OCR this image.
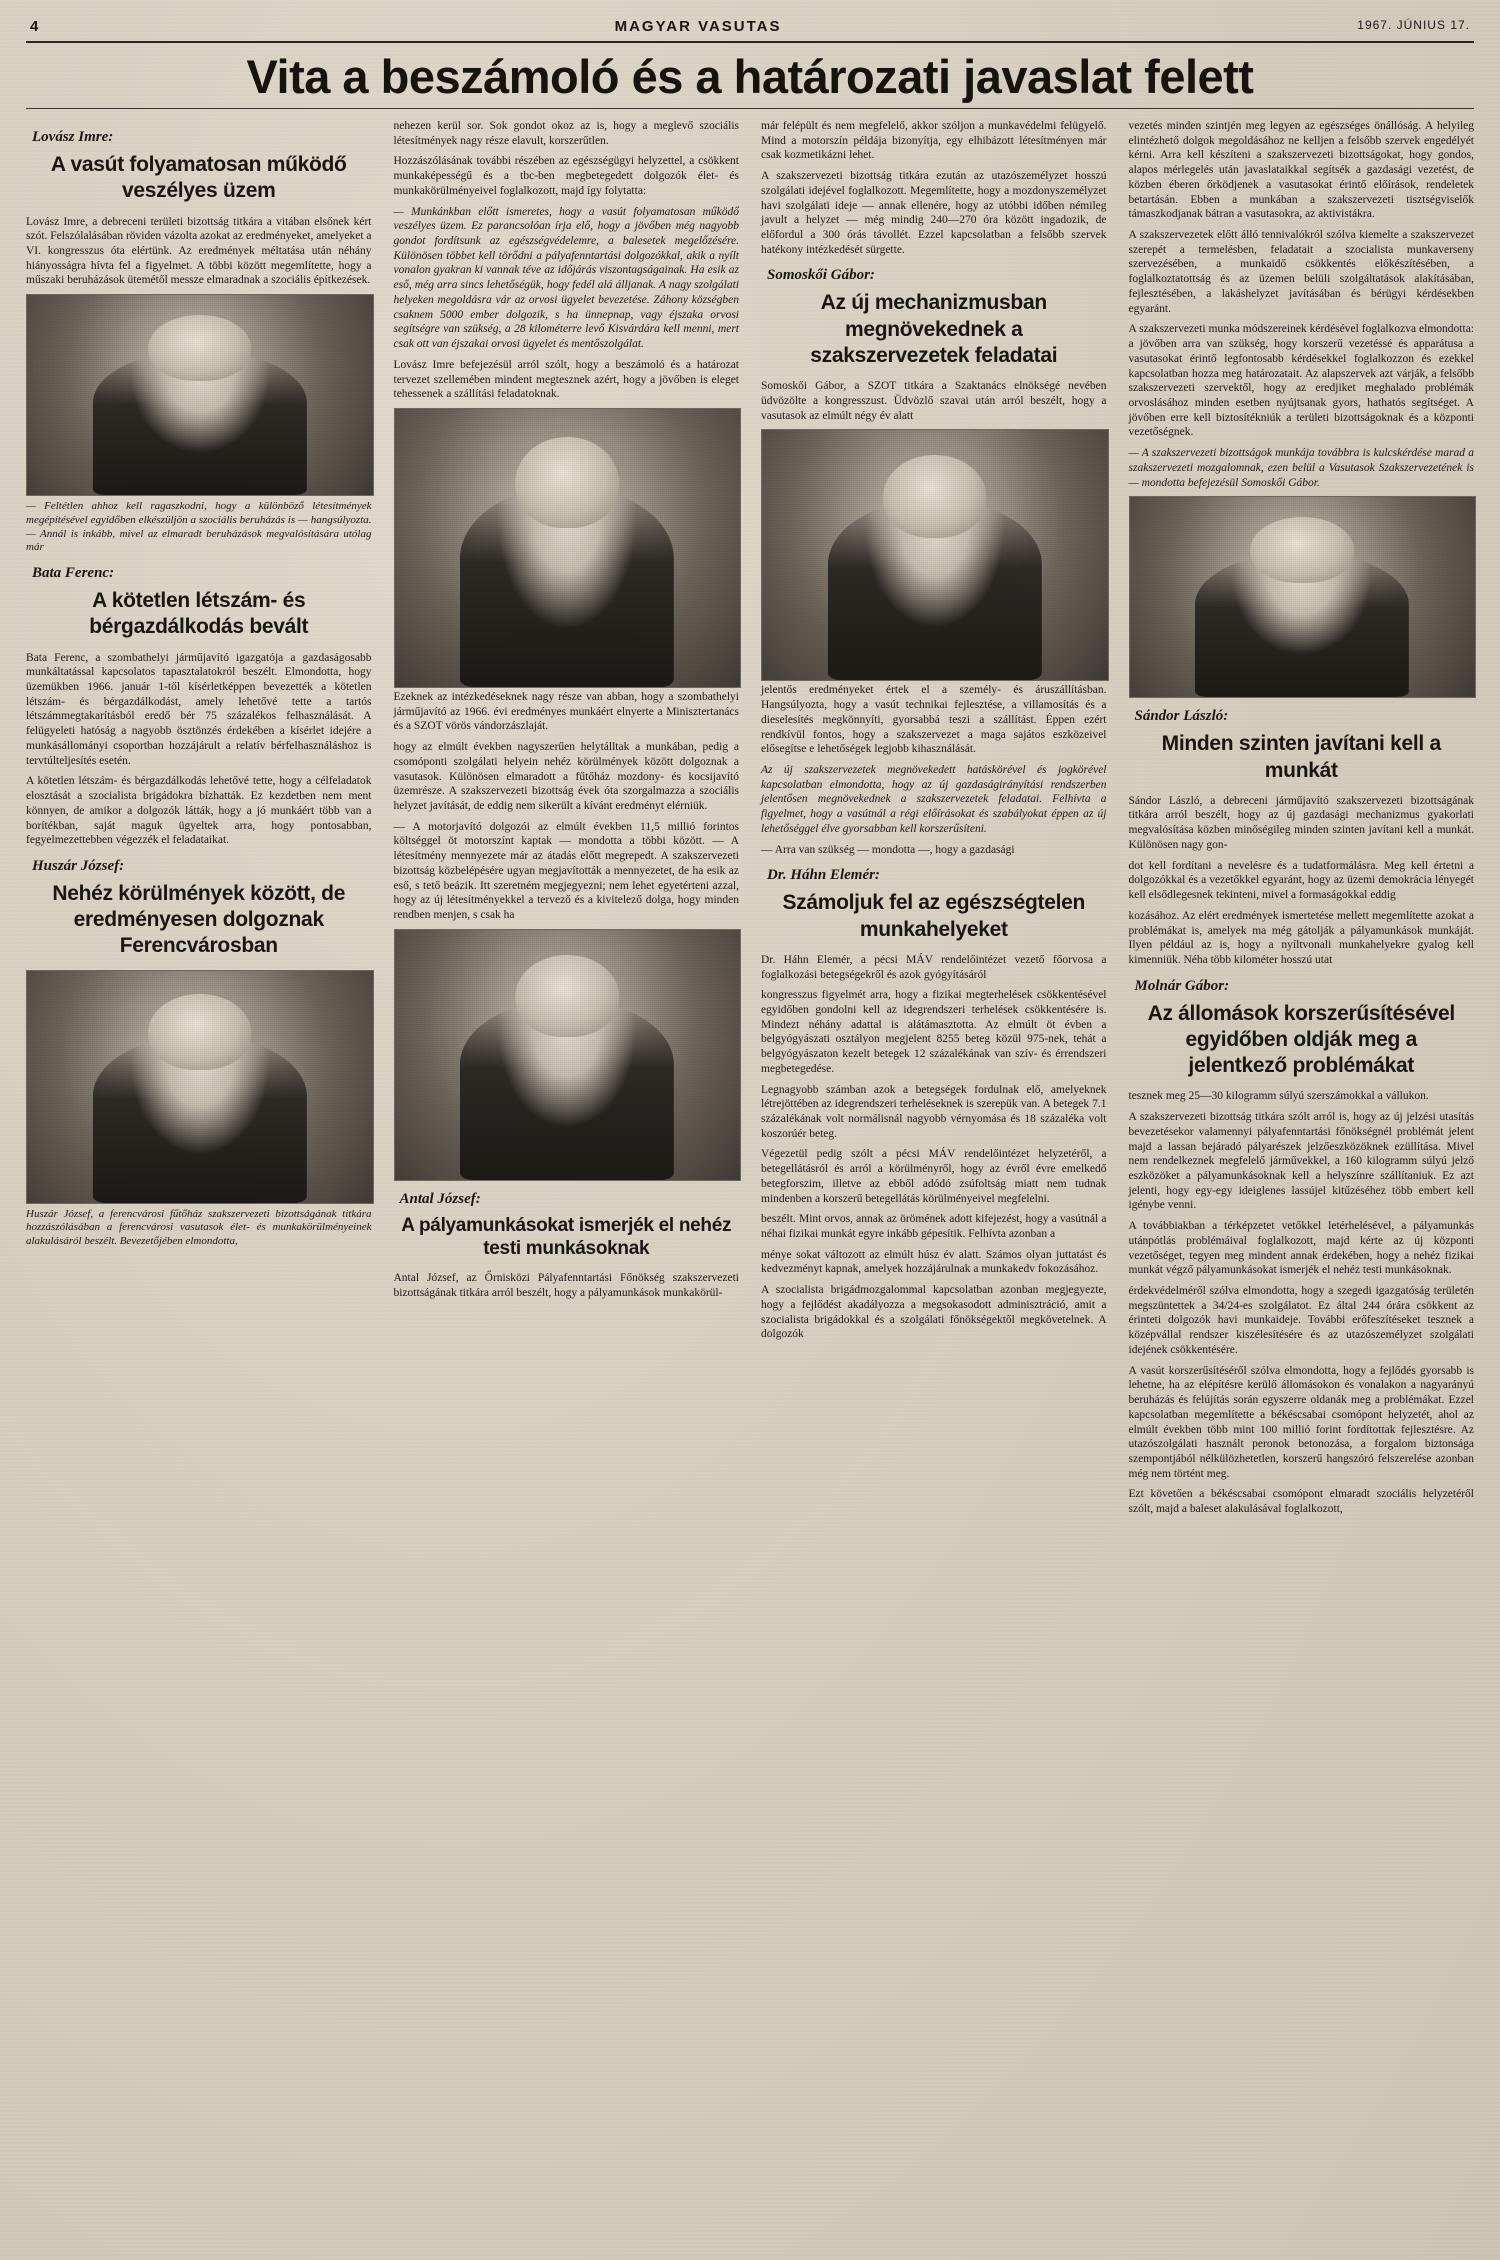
4	MAGYAR VASUTAS	1967. JÚNIUS 17.
Vita a beszámoló és a határozati javaslat felett
Lovász Imre:
A vasút folyamatosan működő veszélyes üzem

Lovász Imre, a debreceni területi bizottság titkára a vitában elsőnek kért szót. Felszólalásában röviden vázolta azokat az eredményeket, amelyeket a VI. kongresszus óta elértünk. Az eredmények méltatása után néhány hiányosságra hívta fel a figyelmet. A többi között megemlítette, hogy a műszaki beruházások ütemétől messze elmaradnak a szociális építkezések.

— Feltétlen ahhoz kell ragaszkodni, hogy a különböző létesítmények megépítésével egyidőben elkészüljön a szociális beruházás is — hangsúlyozta. — Annál is inkább, mivel az elmaradt beruházások megvalósítására utólag már
Bata Ferenc:
A kötetlen létszám- és bérgazdálkodás bevált

Bata Ferenc, a szombathelyi járműjavító igazgatója a gazdaságosabb munkáltatással kapcsolatos tapasztalatokról beszélt. Elmondotta, hogy üzemükben 1966. január 1-től kísérletképpen bevezették a kötetlen létszám- és bérgazdálkodást, amely lehetővé tette a tartós létszámmegtakarításból eredő bér 75 százalékos felhasználását. A felügyeleti hatóság a nagyobb ösztönzés érdekében a kísérlet idejére a munkásállományi csoportban hozzájárult a relatív bérfelhasználáshoz is tervtúlteljesítés esetén.

A kötetlen létszám- és bérgazdálkodás lehetővé tette, hogy a célfeladatok elosztását a szocialista brigádokra bízhatták. Ez kezdetben nem ment könnyen, de amikor a dolgozók látták, hogy a jó munkáért több van a borítékban, saját maguk ügyeltek arra, hogy pontosabban, fegyelmezettebben végezzék el feladataikat.

Huszár József:
Nehéz körülmények között, de eredményesen dolgoznak Ferencvárosban
Huszár József, a ferencvárosi fűtőház szakszervezeti bizottságának titkára hozzászólásában a ferencvárosi vasutasok élet- és munkakörülményeinek alakulásáról beszélt. Bevezetőjében elmondotta,

nehezen kerül sor. Sok gondot okoz az is, hogy a meglevő szociális létesítmények nagy része elavult, korszerűtlen.

Hozzászólásának további részében az egészségügyi helyzettel, a csökkent munkaképességű és a tbc-ben megbetegedett dolgozók élet- és munkakörülményeivel foglalkozott, majd így folytatta:

— Munkánkban előtt ismeretes, hogy a vasút folyamatosan működő veszélyes üzem. Ez parancsolóan írja elő, hogy a jövőben még nagyobb gondot fordítsunk az egészségvédelemre, a balesetek megelőzésére. Különösen többet kell törődni a pályafenntartási dolgozókkal, akik a nyílt vonalon gyakran ki vannak téve az időjárás viszontagságainak. Ha esik az eső, még arra sincs lehetőségük, hogy fedél alá álljanak. A nagy szolgálati helyeken megoldásra vár az orvosi ügyelet bevezetése. Záhony községben csaknem 5000 ember dolgozik, s ha ünnepnap, vagy éjszaka orvosi segítségre van szükség, a 28 kilométerre levő Kisvárdára kell menni, mert csak ott van éjszakai orvosi ügyelet és mentőszolgálat.

Lovász Imre befejezésül arról szólt, hogy a beszámoló és a határozat tervezet szellemében mindent megtesznek azért, hogy a jövőben is eleget tehessenek a szállítási feladatoknak.

Ezeknek az intézkedéseknek nagy része van abban, hogy a szombathelyi járműjavító az 1966. évi eredményes munkáért elnyerte a Minisztertanács és a SZOT vörös vándorzászlaját.

hogy az elmúlt években nagyszerűen helytálltak a munkában, pedig a csomóponti szolgálati helyein nehéz körülmények között dolgoznak a vasutasok. Különösen elmaradott a fűtőház mozdony- és kocsijavító üzemrésze. A szakszervezeti bizottság évek óta szorgalmazza a szociális helyzet javítását, de eddig nem sikerült a kívánt eredményt elérniük.

— A motorjavító dolgozói az elmúlt években 11,5 millió forintos költséggel öt motorszínt kaptak — mondotta a többi között. — A létesítmény mennyezete már az átadás előtt megrepedt. A szakszervezeti bizottság közbelépésére ugyan megjavították a mennyezetet, de ha esik az eső, s tető beázik. Itt szeretném megjegyezni; nem lehet egyetérteni azzal, hogy az új létesítményekkel a tervező és a kivitelező dolga, hogy minden rendben menjen, s csak ha

Antal József:
A pályamunkásokat ismerjék el nehéz testi munkásoknak

Antal József, az Őrnisközi Pályafenntartási Főnökség szakszervezeti bizottságának titkára arról beszélt, hogy a pályamunkások munkakörül-

már felépült és nem megfelelő, akkor szóljon a munkavédelmi felügyelő. Mind a motorszín példája bizonyítja, egy elhibázott létesítményen már csak kozmetikázni lehet.

A szakszervezeti bizottság titkára ezután az utazószemélyzet hosszú szolgálati idejével foglalkozott. Megemlítette, hogy a mozdonyszemélyzet havi szolgálati ideje — annak ellenére, hogy az utóbbi időben némileg javult a helyzet — még mindig 240—270 óra között ingadozik, de előfordul a 300 órás távollét. Ezzel kapcsolatban a felsőbb szervek hatékony intézkedését sürgette.

Somoskői Gábor:
Az új mechanizmusban megnövekednek a szakszervezetek feladatai

Somoskői Gábor, a SZOT titkára a Szaktanács elnökségé nevében üdvözölte a kongresszust. Üdvözlő szavai után arról beszélt, hogy a vasutasok az elmúlt négy év alatt

jelentős eredményeket értek el a személy- és áruszállításban. Hangsúlyozta, hogy a vasút technikai fejlesztése, a villamosítás és a dieselesítés megkönnyíti, gyorsabbá teszi a szállítást. Éppen ezért rendkívül fontos, hogy a szakszervezet a maga sajátos eszközeivel elősegítse e lehetőségek legjobb kihasználását.

Az új szakszervezetek megnövekedett hatáskörével és jogkörével kapcsolatban elmondotta, hogy az új gazdaságirányítási rendszerben jelentősen megnövekednek a szakszervezetek feladatai. Felhívta a figyelmet, hogy a vasútnál a régi előírásokat és szabályokat éppen az új lehetőséggel élve gyorsabban kell korszerűsíteni.

— Arra van szükség — mondotta —, hogy a gazdasági

Dr. Háhn Elemér:
Számoljuk fel az egészségtelen munkahelyeket

Dr. Háhn Elemér, a pécsi MÁV rendelőintézet vezető főorvosa a foglalkozási betegségekről és azok gyógyításáról

kongresszus figyelmét arra, hogy a fizikai megterhelések csökkentésével egyidőben gondolni kell az idegrendszeri terhelések csökkentésére is. Mindezt néhány adattal is alátámasztotta. Az elmúlt öt évben a belgyógyászati osztályon megjelent 8255 beteg közül 975-nek, tehát a belgyógyászaton kezelt betegek 12 százalékának van szív- és érrendszeri megbetegedése.

Legnagyobb számban azok a betegségek fordulnak elő, amelyeknek létrejöttében az idegrendszeri terheléseknek is szerepük van. A betegek 7.1 százalékának volt normálisnál nagyobb vérnyomása és 18 százaléka volt koszorúér beteg.

Végezetül pedig szólt a pécsi MÁV rendelőintézet helyzetéről, a betegellátásról és arról a körülményről, hogy az évről évre emelkedő betegforszim, illetve az ebből adódó zsúfoltság miatt nem tudnak mindenben a korszerű betegellátás körülményeivel megfelelni.

beszélt. Mint orvos, annak az örömének adott kifejezést, hogy a vasútnál a néhai fizikai munkát egyre inkább gépesítik. Felhívta azonban a

ménye sokat változott az elmúlt húsz év alatt. Számos olyan juttatást és kedvezményt kapnak, amelyek hozzájárulnak a munkakedv fokozásához.

A szocialista brigádmozgalommal kapcsolatban azonban megjegyezte, hogy a fejlődést akadályozza a megsokasodott adminisztráció, amit a szocialista brigádokkal és a szolgálati főnökségektől megkövetelnek. A dolgozók

vezetés minden szintjén meg legyen az egészséges önállóság. A helyileg elintézhető dolgok megoldásához ne kelljen a felsőbb szervek engedélyét kérni. Arra kell készíteni a szakszervezeti bizottságokat, hogy gondos, alapos mérlegelés után javaslataikkal segítsék a gazdasági vezetést, de közben éberen őrködjenek a vasutasokat érintő előírások, rendeletek betartásán. Ebben a munkában a szakszervezeti tisztségviselők támaszkodjanak bátran a vasutasokra, az aktivistákra.

A szakszervezetek előtt álló tennivalókról szólva kiemelte a szakszervezet szerepét a termelésben, feladatait a szocialista munkaverseny szervezésében, a munkaidő csökkentés előkészítésében, a foglalkoztatottság és az üzemen belüli szolgáltatások alakításában, fejlesztésében, a lakáshelyzet javításában és bérügyi kérdésekben egyaránt.

A szakszervezeti munka módszereinek kérdésével foglalkozva elmondotta: a jövőben arra van szükség, hogy korszerű vezetéssé és apparátusa a vasutasokat érintő legfontosabb kérdésekkel foglalkozzon és ezekkel kapcsolatban hozza meg határozatait. Az alapszervek azt várják, a felsőbb szakszervezeti szervektől, hogy az eredjiket meghalado problémák orvoslásához minden esetben nyújtsanak gyors, hathatós segítséget. A jövőben erre kell biztosítékniúk a területi bizottságoknak és a központi vezetőségnek.

— A szakszervezeti bizottságok munkája továbbra is kulcskérdése marad a szakszervezeti mozgalomnak, ezen belül a Vasutasok Szakszervezetének is — mondotta befejezésül Somoskői Gábor.

Sándor László:
Minden szinten javítani kell a munkát

Sándor László, a debreceni járműjavító szakszervezeti bizottságának titkára arról beszélt, hogy az új gazdasági mechanizmus gyakorlati megvalósítása közben minőségileg minden szinten javítani kell a munkát. Különösen nagy gon-

dot kell fordítani a nevelésre és a tudatformálásra. Meg kell értetni a dolgozókkal és a vezetőkkel egyaránt, hogy az üzemi demokrácia lényegét kell elsődlegesnek tekinteni, mivel a formaságokkal eddig

kozásához. Az elért eredmények ismertetése mellett megemlítette azokat a problémákat is, amelyek ma még gátolják a pályamunkások munkáját. Ilyen például az is, hogy a nyíltvonali munkahelyekre gyalog kell kimenniük. Néha több kilométer hosszú utat

Molnár Gábor:
Az állomások korszerűsítésével egyidőben oldják meg a jelentkező problémákat

tesznek meg 25—30 kilogramm súlyú szerszámokkal a vállukon.

A szakszervezeti bizottság titkára szólt arról is, hogy az új jelzési utasítás bevezetésekor valamennyi pályafenntartási főnökségnél problémát jelent majd a lassan bejáradó pályarészek jelzőeszközöknek ezüllítása. Mivel nem rendelkeznek megfelelő járművekkel, a 160 kilogramm súlyú jelző eszközöket a pályamunkásoknak kell a helyszínre szállítaniuk. Ez azt jelenti, hogy egy-egy ideiglenes lassújel kitűzéséhez több embert kell igénybe venni.

A továbbiakban a térképzetet vetőkkel letérhelésével, a pályamunkás utánpótlás problémáival foglalkozott, majd kérte az új központi vezetőséget, tegyen meg mindent annak érdekében, hogy a nehéz fizikai munkát végző pályamunkásokat ismerjék el nehéz testi munkásoknak.

érdekvédelméről szólva elmondotta, hogy a szegedi igazgatóság területén megszüntettek a 34/24-es szolgálatot. Ez által 244 órára csökkent az érinteti dolgozók havi munkaideje. További erőfeszítéseket tesznek a középvállal rendszer kiszélesítésére és az utazószemélyzet szolgálati idejének csökkentésére.

A vasút korszerűsítéséről szólva elmondotta, hogy a fejlődés gyorsabb is lehetne, ha az elépítésre kerülő állomásokon és vonalakon a nagyarányú beruházás és felújítás során egyszerre oldanák meg a problémákat. Ezzel kapcsolatban megemlítette a békéscsabai csomópont helyzetét, ahol az elmúlt években több mint 100 millió forint fordítottak fejlesztésre. Az utazószolgálati használt peronok betonozása, a forgalom biztonsága szempontjából nélkülözhetetlen, korszerű hangszóró felszerelése azonban még nem történt meg.

Ezt követően a békéscsabai csomópont elmaradt szociális helyzetéről szólt, majd a baleset alakulásával foglalkozott,
